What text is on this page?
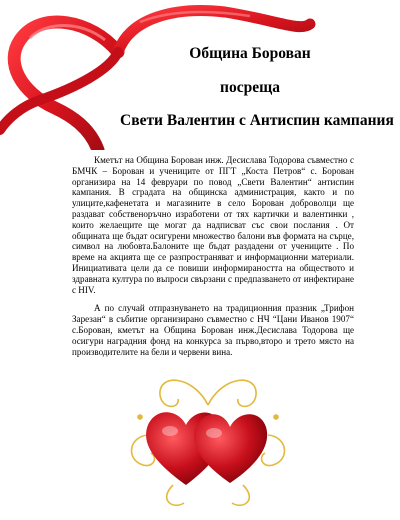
Община Борован
посреща
Свети Валентин с Антиспин кампания

Кметът на Община Борован инж. Десислава Тодорова съвместно с БМЧК – Борован и учениците от ПГТ „Коста Петров“ с. Борован организира на 14 февруари по повод „Свети Валентин“ антиспин кампания. В сградата на общинска администрация, както и по улиците,кафенетата и магазините в село Борован доброволци ще раздават собственоръчно изработени от тях картички и валентинки , които желаещите ще могат да надписват със свои послания . От общината ще бъдат осигурени множество балони във формата на сърце, символ на любовта.Балоните ще бъдат раздадени от учениците . По време на акцията ще се разпространяват и информационни материали. Инициативата цели да се повиши информираността на обществото и здравната култура по въпроси свързани с предпазването от инфектиране с HIV.

А по случай отпразнуването на традиционния празник „Трифон Зарезан“ в събитие организирано съвместно с НЧ “Цани Иванов 1907“ с.Борован, кметът на Община Борован инж.Десислава Тодорова ще осигури наградния фонд на конкурса за първо,второ и трето място на производителите на бели и червени вина.
